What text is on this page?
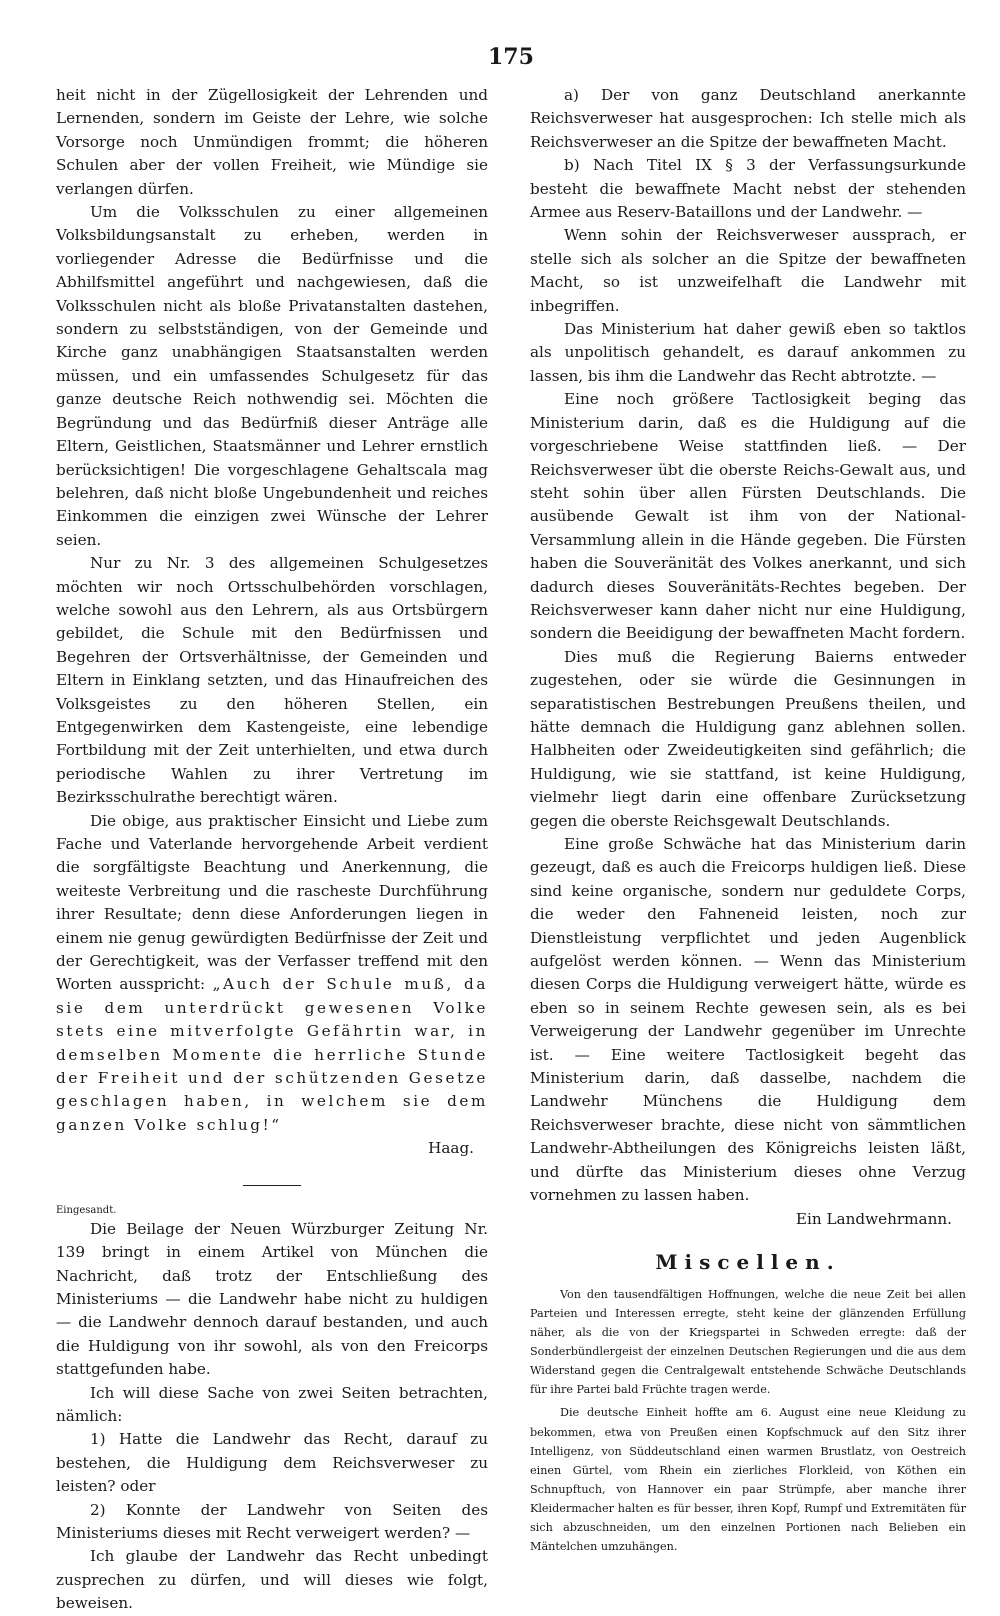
175

heit nicht in der Zügellosigkeit der Lehrenden und Lernenden, sondern im Geiste der Lehre, wie solche Vorsorge noch Unmündigen frommt; die höheren Schulen aber der vollen Freiheit, wie Mündige sie verlangen dürfen.

Um die Volksschulen zu einer allgemeinen Volksbildungsanstalt zu erheben, werden in vorliegender Adresse die Bedürfnisse und die Abhilfsmittel angeführt und nachgewiesen, daß die Volksschulen nicht als bloße Privatanstalten dastehen, sondern zu selbstständigen, von der Gemeinde und Kirche ganz unabhängigen Staatsanstalten werden müssen, und ein umfassendes Schulgesetz für das ganze deutsche Reich nothwendig sei. Möchten die Begründung und das Bedürfniß dieser Anträge alle Eltern, Geistlichen, Staatsmänner und Lehrer ernstlich berücksichtigen! Die vorgeschlagene Gehaltscala mag belehren, daß nicht bloße Ungebundenheit und reiches Einkommen die einzigen zwei Wünsche der Lehrer seien.

Nur zu Nr. 3 des allgemeinen Schulgesetzes möchten wir noch Ortsschulbehörden vorschlagen, welche sowohl aus den Lehrern, als aus Ortsbürgern gebildet, die Schule mit den Bedürfnissen und Begehren der Ortsverhältnisse, der Gemeinden und Eltern in Einklang setzten, und das Hinaufreichen des Volksgeistes zu den höheren Stellen, ein Entgegenwirken dem Kastengeiste, eine lebendige Fortbildung mit der Zeit unterhielten, und etwa durch periodische Wahlen zu ihrer Vertretung im Bezirksschulrathe berechtigt wären.

Die obige, aus praktischer Einsicht und Liebe zum Fache und Vaterlande hervorgehende Arbeit verdient die sorgfältigste Beachtung und Anerkennung, die weiteste Verbreitung und die rascheste Durchführung ihrer Resultate; denn diese Anforderungen liegen in einem nie genug gewürdigten Bedürfnisse der Zeit und der Gerechtigkeit, was der Verfasser treffend mit den Worten ausspricht: „Auch der Schule muß, da sie dem unterdrückt gewesenen Volke stets eine mitverfolgte Gefährtin war, in demselben Momente die herrliche Stunde der Freiheit und der schützenden Gesetze geschlagen haben, in welchem sie dem ganzen Volke schlug!“

Haag.

Eingesandt.

Die Beilage der Neuen Würzburger Zeitung Nr. 139 bringt in einem Artikel von München die Nachricht, daß trotz der Entschließung des Ministeriums — die Landwehr habe nicht zu huldigen — die Landwehr dennoch darauf bestanden, und auch die Huldigung von ihr sowohl, als von den Freicorps stattgefunden habe.

Ich will diese Sache von zwei Seiten betrachten, nämlich:

1) Hatte die Landwehr das Recht, darauf zu bestehen, die Huldigung dem Reichsverweser zu leisten? oder

2) Konnte der Landwehr von Seiten des Ministeriums dieses mit Recht verweigert werden? —

Ich glaube der Landwehr das Recht unbedingt zusprechen zu dürfen, und will dieses wie folgt, beweisen.

a) Der von ganz Deutschland anerkannte Reichsverweser hat ausgesprochen: Ich stelle mich als Reichsverweser an die Spitze der bewaffneten Macht.

b) Nach Titel IX § 3 der Verfassungsurkunde besteht die bewaffnete Macht nebst der stehenden Armee aus Reserv-Bataillons und der Landwehr. —

Wenn sohin der Reichsverweser aussprach, er stelle sich als solcher an die Spitze der bewaffneten Macht, so ist unzweifelhaft die Landwehr mit inbegriffen.

Das Ministerium hat daher gewiß eben so taktlos als unpolitisch gehandelt, es darauf ankommen zu lassen, bis ihm die Landwehr das Recht abtrotzte. —

Eine noch größere Tactlosigkeit beging das Ministerium darin, daß es die Huldigung auf die vorgeschriebene Weise stattfinden ließ. — Der Reichsverweser übt die oberste Reichs-Gewalt aus, und steht sohin über allen Fürsten Deutschlands. Die ausübende Gewalt ist ihm von der National-Versammlung allein in die Hände gegeben. Die Fürsten haben die Souveränität des Volkes anerkannt, und sich dadurch dieses Souveränitäts-Rechtes begeben. Der Reichsverweser kann daher nicht nur eine Huldigung, sondern die Beeidigung der bewaffneten Macht fordern.

Dies muß die Regierung Baierns entweder zugestehen, oder sie würde die Gesinnungen in separatistischen Bestrebungen Preußens theilen, und hätte demnach die Huldigung ganz ablehnen sollen. Halbheiten oder Zweideutigkeiten sind gefährlich; die Huldigung, wie sie stattfand, ist keine Huldigung, vielmehr liegt darin eine offenbare Zurücksetzung gegen die oberste Reichsgewalt Deutschlands.

Eine große Schwäche hat das Ministerium darin gezeugt, daß es auch die Freicorps huldigen ließ. Diese sind keine organische, sondern nur geduldete Corps, die weder den Fahneneid leisten, noch zur Dienstleistung verpflichtet und jeden Augenblick aufgelöst werden können. — Wenn das Ministerium diesen Corps die Huldigung verweigert hätte, würde es eben so in seinem Rechte gewesen sein, als es bei Verweigerung der Landwehr gegenüber im Unrechte ist. — Eine weitere Tactlosigkeit begeht das Ministerium darin, daß dasselbe, nachdem die Landwehr Münchens die Huldigung dem Reichsverweser brachte, diese nicht von sämmtlichen Landwehr-Abtheilungen des Königreichs leisten läßt, und dürfte das Ministerium dieses ohne Verzug vornehmen zu lassen haben.

Ein Landwehrmann.

Miscellen.

Von den tausendfältigen Hoffnungen, welche die neue Zeit bei allen Parteien und Interessen erregte, steht keine der glänzenden Erfüllung näher, als die von der Kriegspartei in Schweden erregte: daß der Sonderbündlergeist der einzelnen Deutschen Regierungen und die aus dem Widerstand gegen die Centralgewalt entstehende Schwäche Deutschlands für ihre Partei bald Früchte tragen werde.

Die deutsche Einheit hoffte am 6. August eine neue Kleidung zu bekommen, etwa von Preußen einen Kopfschmuck auf den Sitz ihrer Intelligenz, von Süddeutschland einen warmen Brustlatz, von Oestreich einen Gürtel, vom Rhein ein zierliches Florkleid, von Köthen ein Schnupftuch, von Hannover ein paar Strümpfe, aber manche ihrer Kleidermacher halten es für besser, ihren Kopf, Rumpf und Extremitäten für sich abzuschneiden, um den einzelnen Portionen nach Belieben ein Mäntelchen umzuhängen.
